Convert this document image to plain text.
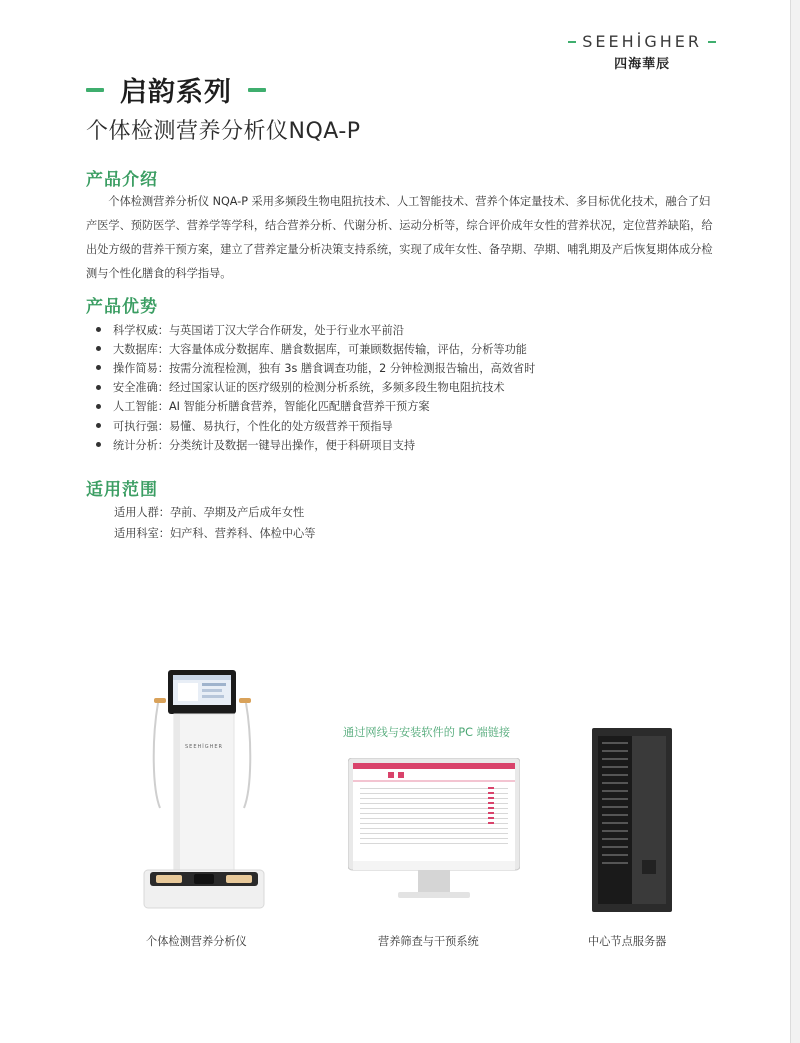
SEEHİGHER
四海華辰
启韵系列
个体检测营养分析仪NQA-P
产品介绍

个体检测营养分析仪 NQA-P 采用多频段生物电阻抗技术、人工智能技术、营养个体定量技术、多目标优化技术，融合了妇产医学、预防医学、营养学等学科，结合营养分析、代谢分析、运动分析等，综合评价成年女性的营养状况，定位营养缺陷，给出处方级的营养干预方案，建立了营养定量分析决策支持系统，实现了成年女性、备孕期、孕期、哺乳期及产后恢复期体成分检测与个性化膳食的科学指导。

产品优势
科学权威：与英国诺丁汉大学合作研发，处于行业水平前沿
大数据库：大容量体成分数据库、膳食数据库，可兼顾数据传输，评估，分析等功能
操作简易：按需分流程检测，独有 3s 膳食调查功能，2 分钟检测报告输出，高效省时
安全准确：经过国家认证的医疗级别的检测分析系统，多频多段生物电阻抗技术
人工智能：AI 智能分析膳食营养，智能化匹配膳食营养干预方案
可执行强：易懂、易执行，个性化的处方级营养干预指导
统计分析：分类统计及数据一键导出操作，便于科研项目支持
适用范围
适用人群：孕前、孕期及产后成年女性
适用科室：妇产科、营养科、体检中心等
SEEHİGHER
通过网线与安装软件的 PC 端链接
个体检测营养分析仪	营养筛查与干预系统	中心节点服务器
